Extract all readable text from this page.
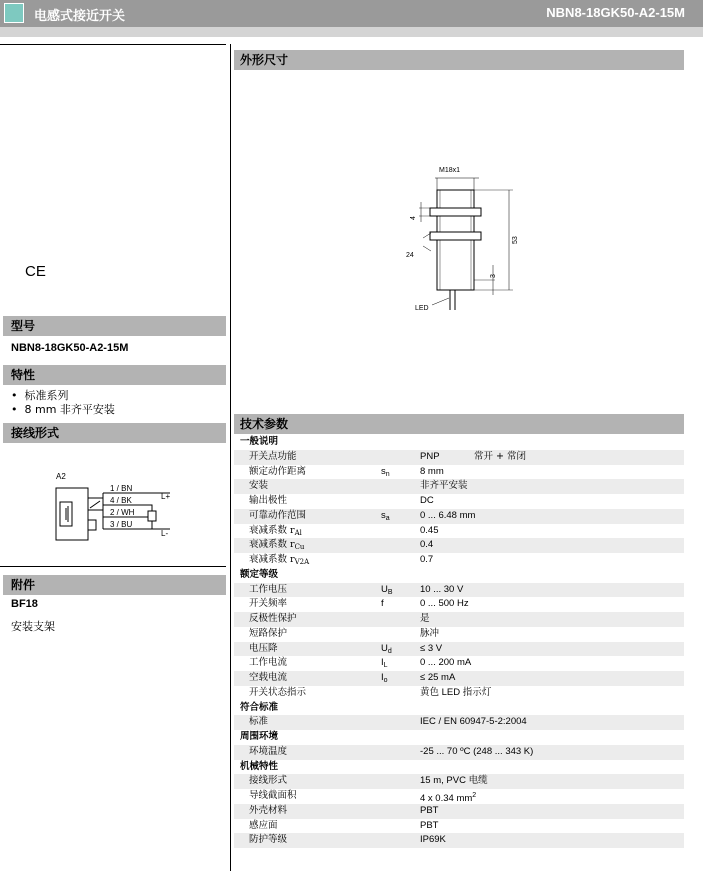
电感式接近开关	NBN8-18GK50-A2-15M
CE
型号
NBN8-18GK50-A2-15M
特性
•  标准系列
•  8 mm 非齐平安装
接线形式
A2
1 / BN
4 / BK
2 / WH
3 / BU
L+
L-
附件
BF18
安装支架
外形尺寸
M18x1
53
4
24
3
LED
技术参数
一般说明
开关点功能	PNP	常开 + 常闭
额定动作距离	$s_n$	8 mm
安装	非齐平安装
输出极性	DC
可靠动作范围	$s_a$	0 ... 6.48 mm
衰减系数 $r_{Al}$	0.45
衰减系数 $r_{Cu}$	0.4
衰减系数 $r_{V2A}$	0.7
额定等级
工作电压	$U_B$	10 ... 30 V
开关频率	f	0 ... 500 Hz
反极性保护	是
短路保护	脉冲
电压降	$U_d$	≤ 3 V
工作电流	$I_L$	0 ... 200 mA
空载电流	$I_o$	≤ 25 mA
开关状态指示	黄色 LED 指示灯
符合标准
标准	IEC / EN 60947-5-2:2004
周围环境
环境温度	-25 ... 70 ºC (248 ... 343 K)
机械特性
接线形式	15 m, PVC 电缆
导线截面积	4 x 0.34 $mm^2$
外壳材料	PBT
感应面	PBT
防护等级	IP69K
